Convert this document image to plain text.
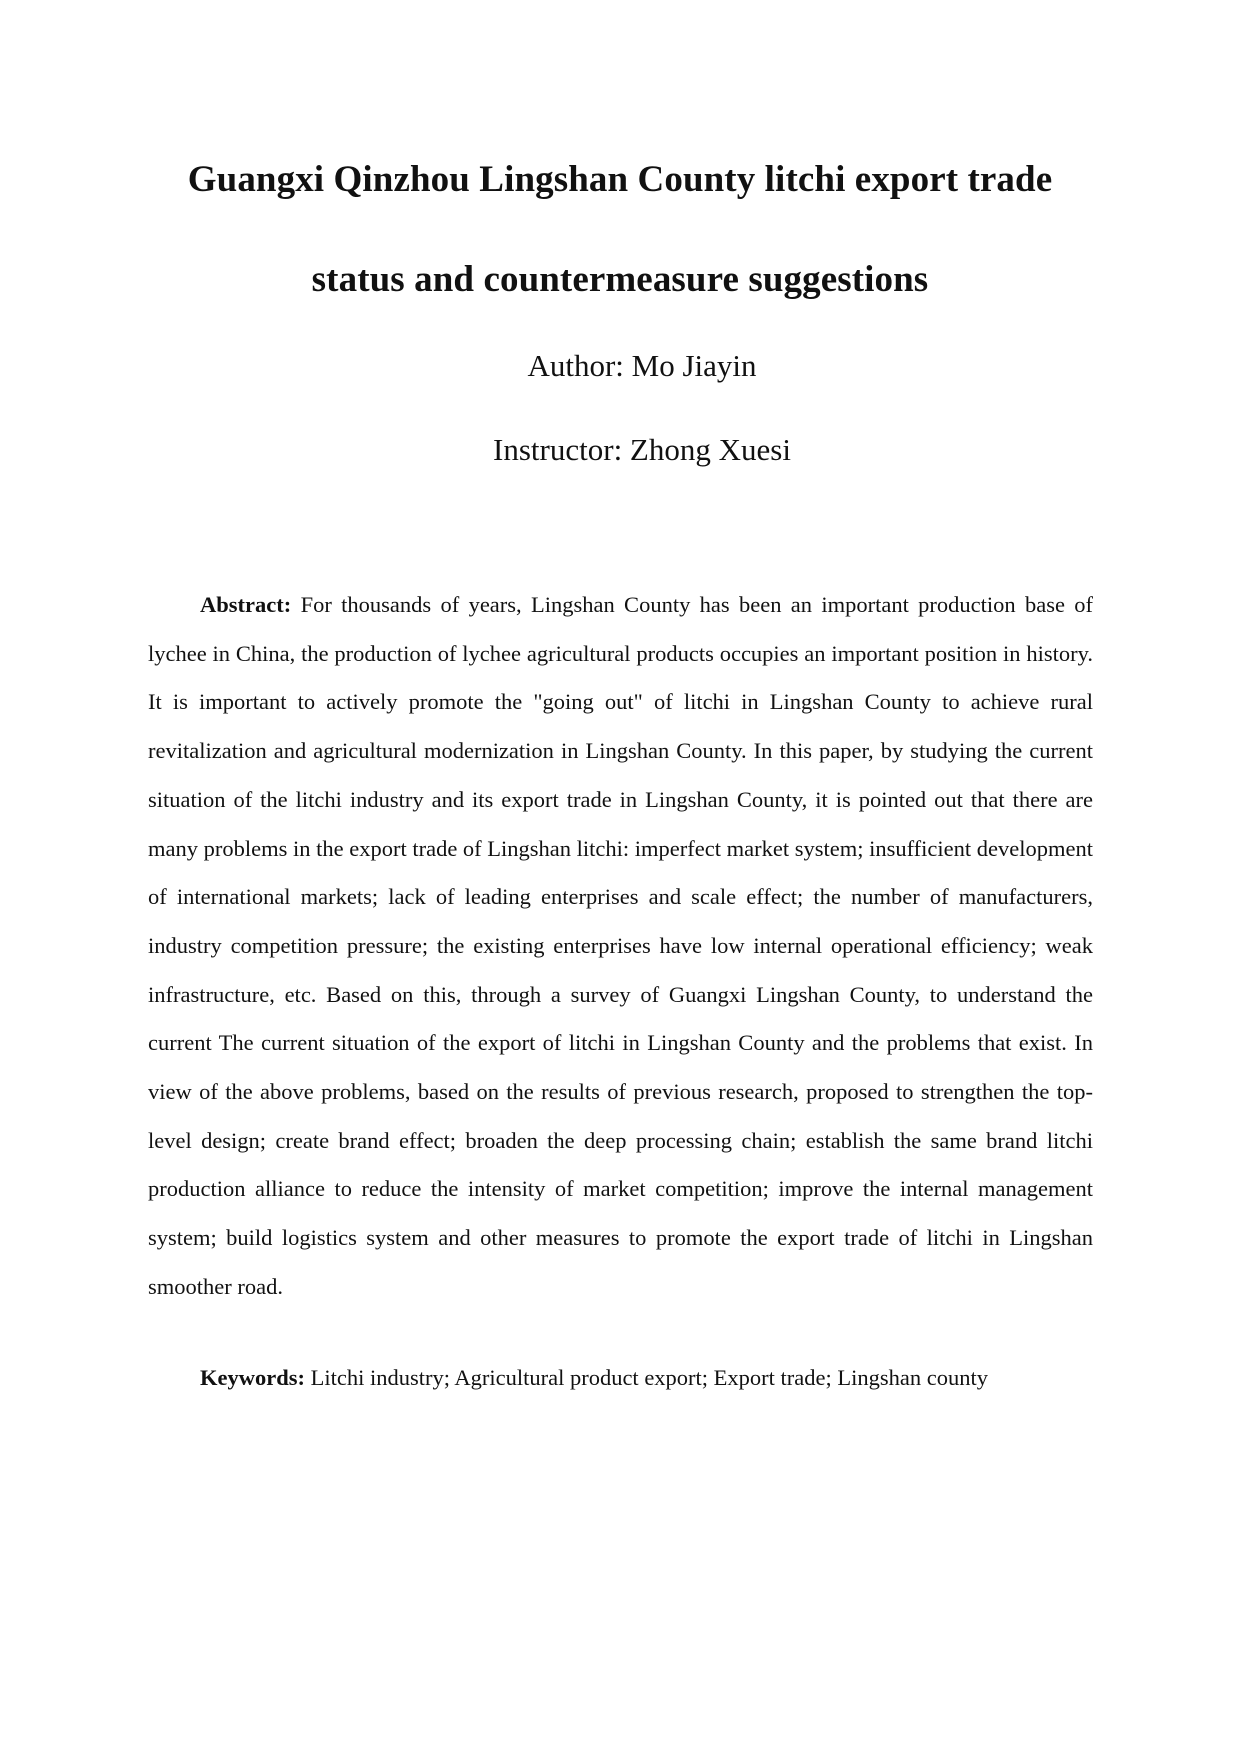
Guangxi Qinzhou Lingshan County litchi export trade
status and countermeasure suggestions
Author: Mo Jiayin
Instructor: Zhong Xuesi

Abstract: For thousands of years, Lingshan County has been an important production base of lychee in China, the production of lychee agricultural products occupies an important position in history. It is important to actively promote the "going out" of litchi in Lingshan County to achieve rural revitalization and agricultural modernization in Lingshan County. In this paper, by studying the current situation of the litchi industry and its export trade in Lingshan County, it is pointed out that there are many problems in the export trade of Lingshan litchi: imperfect market system; insufficient development of international markets; lack of leading enterprises and scale effect; the number of manufacturers, industry competition pressure; the existing enterprises have low internal operational efficiency; weak infrastructure, etc. Based on this, through a survey of Guangxi Lingshan County, to understand the current The current situation of the export of litchi in Lingshan County and the problems that exist. In view of the above problems, based on the results of previous research, proposed to strengthen the top-level design; create brand effect; broaden the deep processing chain; establish the same brand litchi production alliance to reduce the intensity of market competition; improve the internal management system; build logistics system and other measures to promote the export trade of litchi in Lingshan smoother road.

Keywords: Litchi industry; Agricultural product export; Export trade; Lingshan county
